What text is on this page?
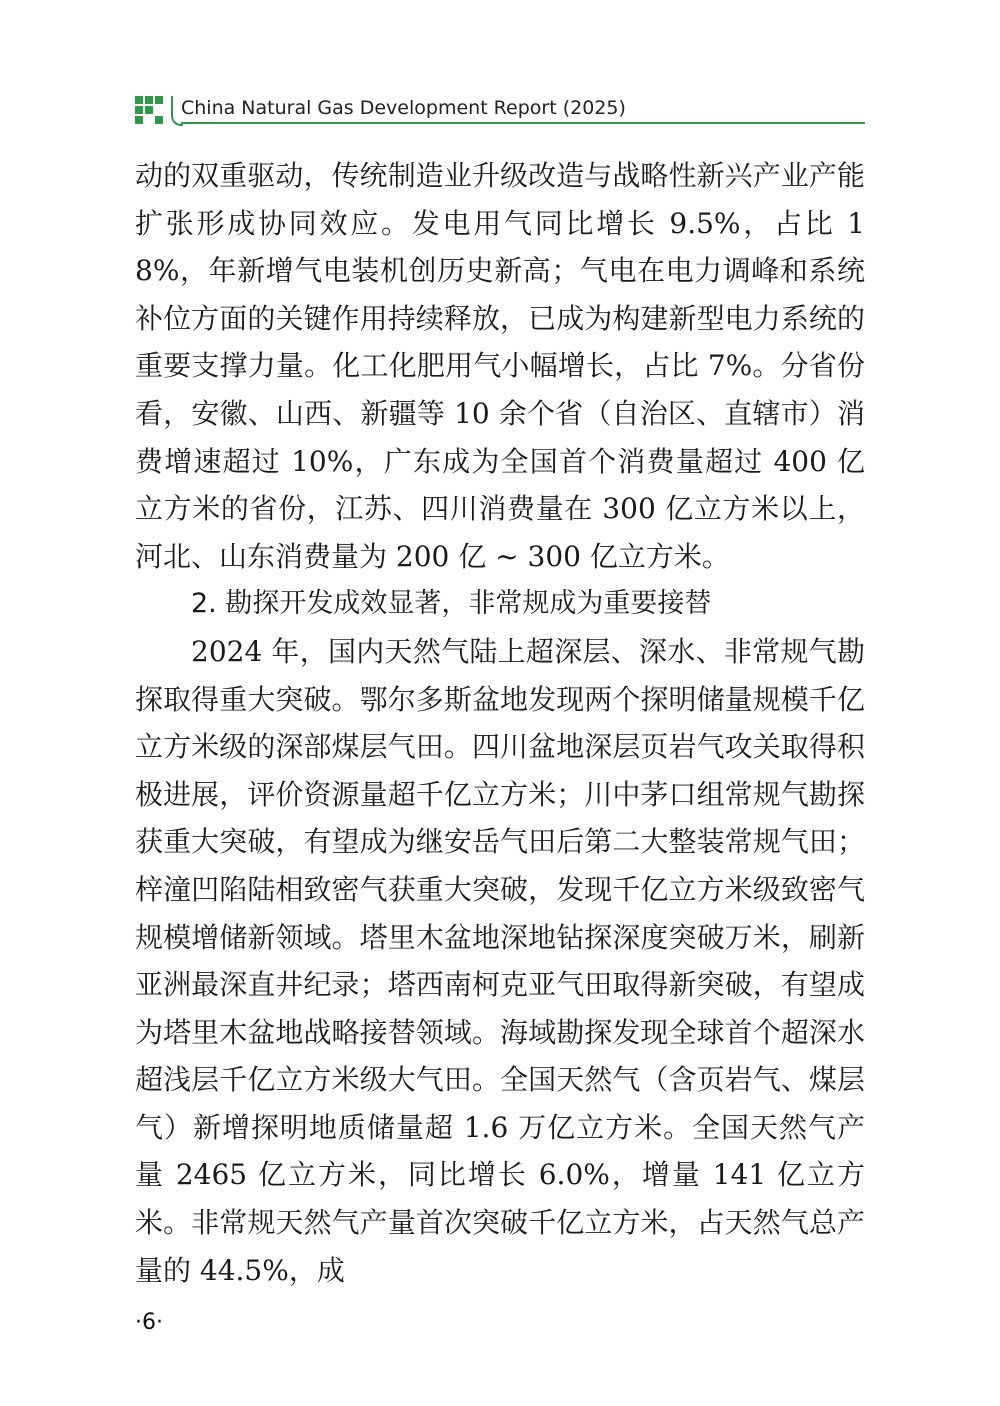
China Natural Gas Development Report (2025)

动的双重驱动，传统制造业升级改造与战略性新兴产业产能扩张形成协同效应。发电用气同比增长 9.5%，占比 18%，年新增气电装机创历史新高；气电在电力调峰和系统补位方面的关键作用持续释放，已成为构建新型电力系统的重要支撑力量。化工化肥用气小幅增长，占比 7%。分省份看，安徽、山西、新疆等 10 余个省（自治区、直辖市）消费增速超过 10%，广东成为全国首个消费量超过 400 亿立方米的省份，江苏、四川消费量在 300 亿立方米以上，河北、山东消费量为 200 亿 ~ 300 亿立方米。

2. 勘探开发成效显著，非常规成为重要接替

2024 年，国内天然气陆上超深层、深水、非常规气勘探取得重大突破。鄂尔多斯盆地发现两个探明储量规模千亿立方米级的深部煤层气田。四川盆地深层页岩气攻关取得积极进展，评价资源量超千亿立方米；川中茅口组常规气勘探获重大突破，有望成为继安岳气田后第二大整装常规气田；梓潼凹陷陆相致密气获重大突破，发现千亿立方米级致密气规模增储新领域。塔里木盆地深地钻探深度突破万米，刷新亚洲最深直井纪录；塔西南柯克亚气田取得新突破，有望成为塔里木盆地战略接替领域。海域勘探发现全球首个超深水超浅层千亿立方米级大气田。全国天然气（含页岩气、煤层气）新增探明地质储量超 1.6 万亿立方米。全国天然气产量 2465 亿立方米，同比增长 6.0%，增量 141 亿立方米。非常规天然气产量首次突破千亿立方米，占天然气总产量的 44.5%，成

·6·
